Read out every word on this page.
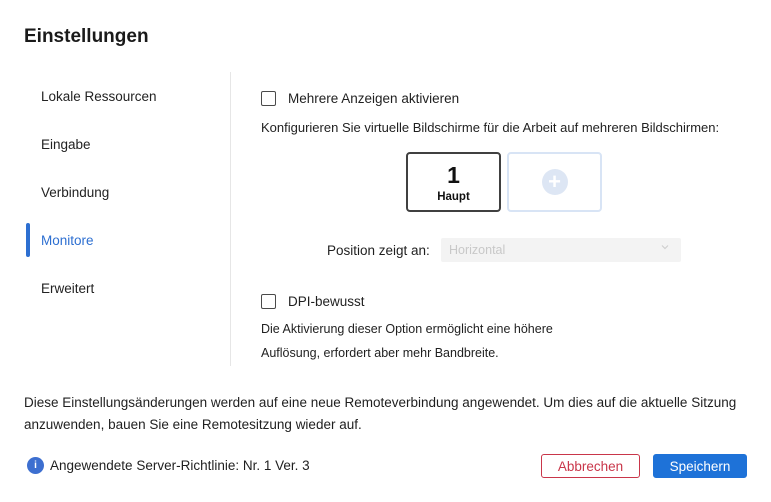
Einstellungen
Lokale Ressourcen
Eingabe
Verbindung
Monitore
Erweitert
Mehrere Anzeigen aktivieren
Konfigurieren Sie virtuelle Bildschirme für die Arbeit auf mehreren Bildschirmen:
1
Haupt
+
Position zeigt an: Horizontal
DPI-bewusst
Die Aktivierung dieser Option ermöglicht eine höhere
Auflösung, erfordert aber mehr Bandbreite.
Diese Einstellungsänderungen werden auf eine neue Remoteverbindung angewendet. Um dies auf die aktuelle Sitzung anzuwenden, bauen Sie eine Remotesitzung wieder auf.
i Angewendete Server-Richtlinie: Nr. 1 Ver. 3	Abbrechen	Speichern
